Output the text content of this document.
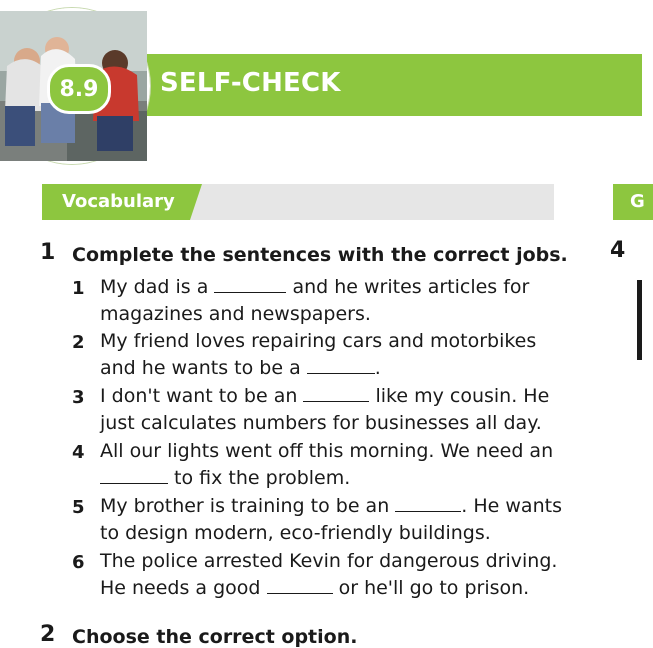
SELF-CHECK
8.9
Vocabulary	G
1 Complete the sentences with the correct jobs. 4
1 My dad is a	and he writes articles for
magazines and newspapers.
2 My friend loves repairing cars and motorbikes
and he wants to be a	.
3 I don't want to be an	like my cousin. He
just calculates numbers for businesses all day.
4 All our lights went off this morning. We need an
to fix the problem.
5 My brother is training to be an	. He wants
to design modern, eco-friendly buildings.
6 The police arrested Kevin for dangerous driving.
He needs a good	or he'll go to prison.
2 Choose the correct option.
